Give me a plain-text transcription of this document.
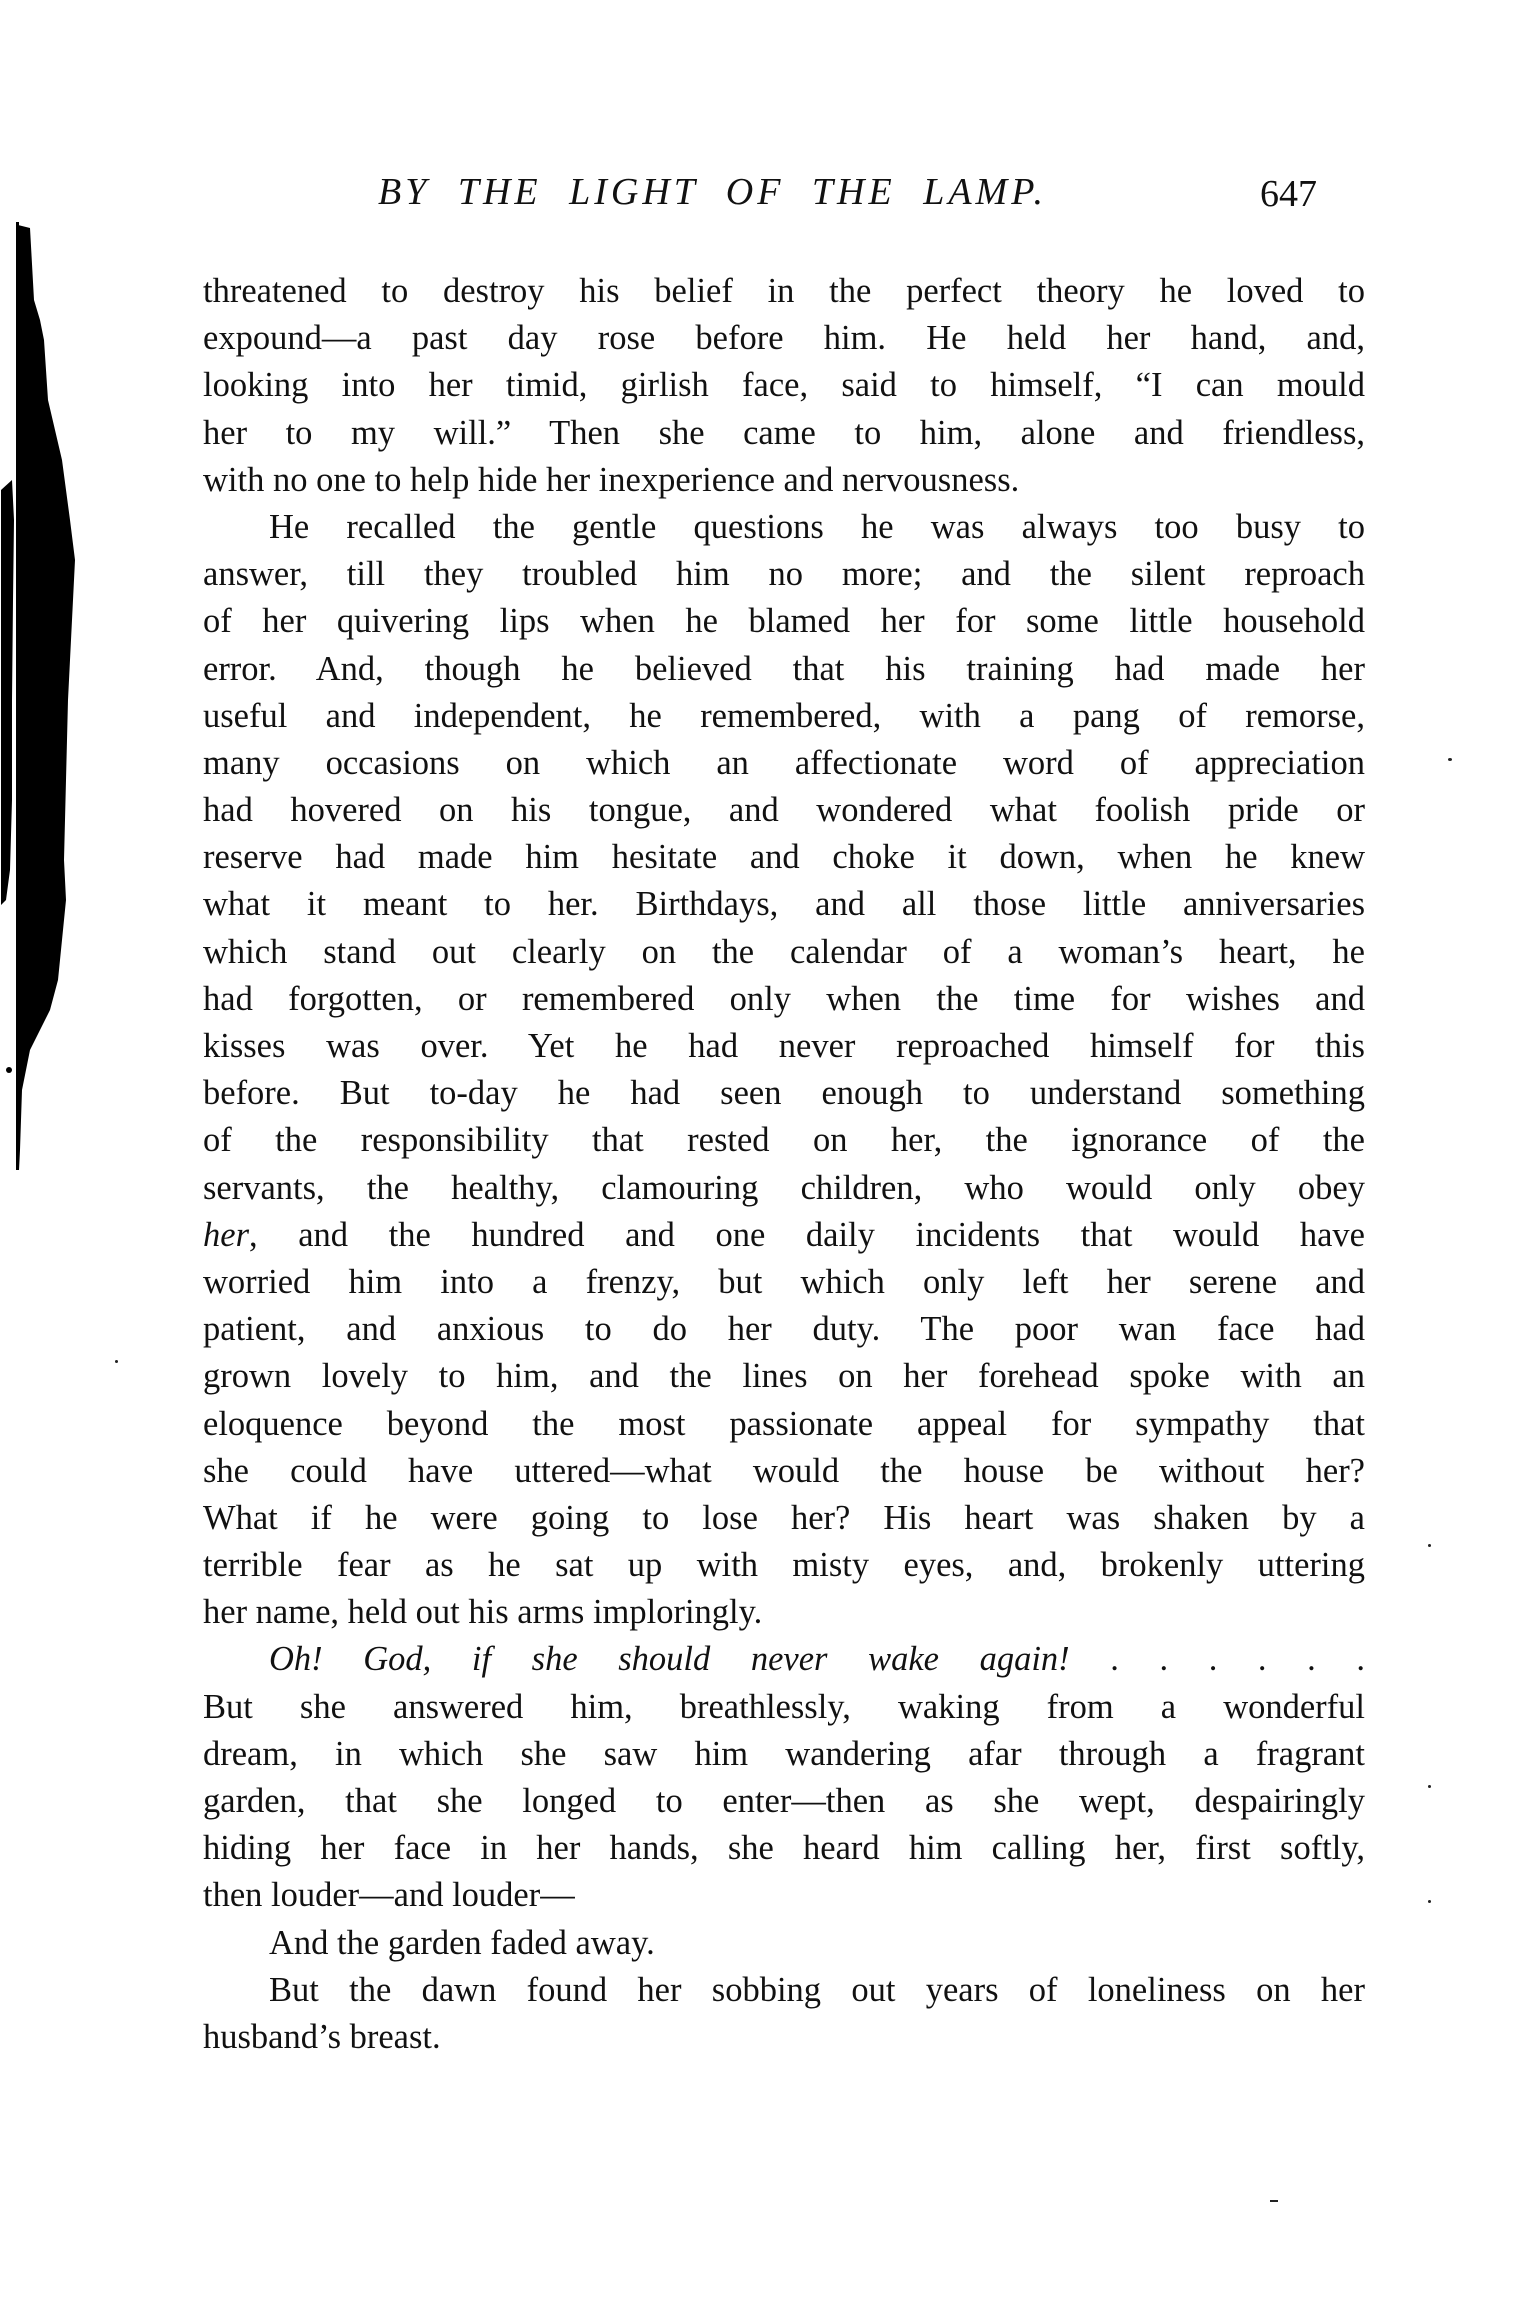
BY THE LIGHT OF THE LAMP.	647
threatened to destroy his belief in the perfect theory he loved to
expound—a past day rose before him. He held her hand, and,
looking into her timid, girlish face, said to himself, “I can mould
her to my will.” Then she came to him, alone and friendless,
with no one to help hide her inexperience and nervousness.
He recalled the gentle questions he was always too busy to
answer, till they troubled him no more; and the silent reproach
of her quivering lips when he blamed her for some little household
error. And, though he believed that his training had made her
useful and independent, he remembered, with a pang of remorse,
many occasions on which an affectionate word of appreciation
had hovered on his tongue, and wondered what foolish pride or
reserve had made him hesitate and choke it down, when he knew
what it meant to her. Birthdays, and all those little anniversaries
which stand out clearly on the calendar of a woman’s heart, he
had forgotten, or remembered only when the time for wishes and
kisses was over. Yet he had never reproached himself for this
before. But to-day he had seen enough to understand something
of the responsibility that rested on her, the ignorance of the
servants, the healthy, clamouring children, who would only obey
her, and the hundred and one daily incidents that would have
worried him into a frenzy, but which only left her serene and
patient, and anxious to do her duty. The poor wan face had
grown lovely to him, and the lines on her forehead spoke with an
eloquence beyond the most passionate appeal for sympathy that
she could have uttered—what would the house be without her?
What if he were going to lose her? His heart was shaken by a
terrible fear as he sat up with misty eyes, and, brokenly uttering
her name, held out his arms imploringly.
Oh! God, if she should never wake again! . . . . . .
But she answered him, breathlessly, waking from a wonderful
dream, in which she saw him wandering afar through a fragrant
garden, that she longed to enter—then as she wept, despairingly
hiding her face in her hands, she heard him calling her, first softly,
then louder—and louder—
And the garden faded away.
But the dawn found her sobbing out years of loneliness on her
husband’s breast.
